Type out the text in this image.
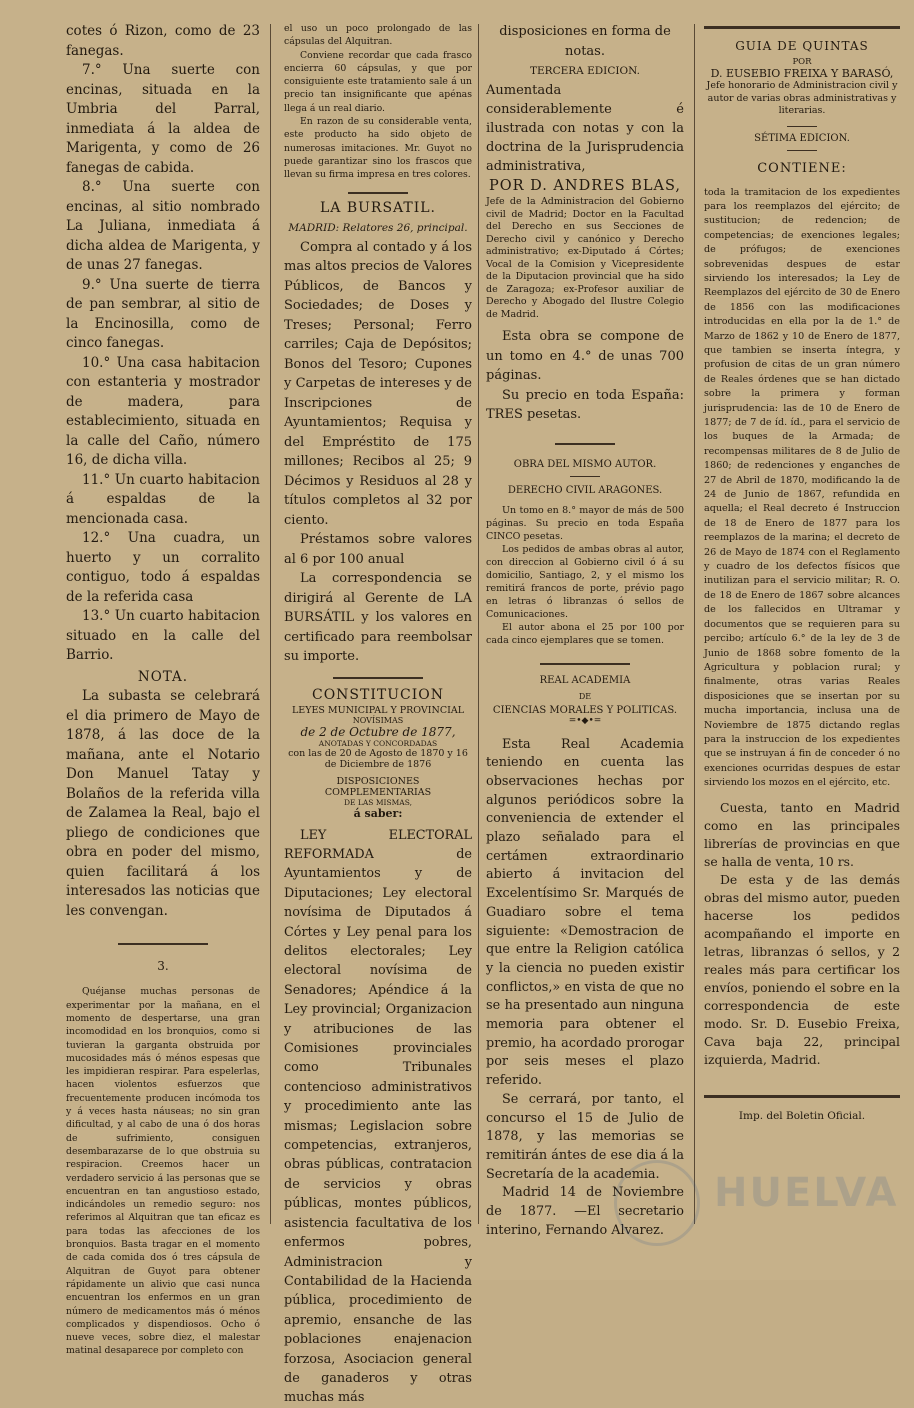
cotes ó Rizon, como de 23 fanegas.

7.° Una suerte con encinas, situada en la Umbria del Parral, inmediata á la aldea de Marigenta, y como de 26 fanegas de cabida.

8.° Una suerte con encinas, al sitio nombrado La Juliana, inmediata á dicha aldea de Marigenta, y de unas 27 fanegas.

9.° Una suerte de tierra de pan sembrar, al sitio de la Encinosilla, como de cinco fanegas.

10.° Una casa habitacion con estanteria y mostrador de madera, para establecimiento, situada en la calle del Caño, número 16, de dicha villa.

11.° Un cuarto habitacion á espaldas de la mencionada casa.

12.° Una cuadra, un huerto y un corralito contiguo, todo á espaldas de la referida casa

13.° Un cuarto habitacion situado en la calle del Barrio.

NOTA.

La subasta se celebrará el dia primero de Mayo de 1878, á las doce de la mañana, ante el Notario Don Manuel Tatay y Bolaños de la referida villa de Zalamea la Real, bajo el pliego de condiciones que obra en poder del mismo, quien facilitará á los interesados las noticias que les convengan.

3.

Quéjanse muchas personas de experimentar por la mañana, en el momento de despertarse, una gran incomodidad en los bronquios, como si tuvieran la garganta obstruida por mucosidades más ó ménos espesas que les impidieran respirar. Para espelerlas, hacen violentos esfuerzos que frecuentemente producen incómoda tos y á veces hasta náuseas; no sin gran dificultad, y al cabo de una ó dos horas de sufrimiento, consiguen desembarazarse de lo que obstruia su respiracion. Creemos hacer un verdadero servicio á las personas que se encuentran en tan angustioso estado, indicándoles un remedio seguro: nos referimos al Alquitran que tan eficaz es para todas las afecciones de los bronquios. Basta tragar en el momento de cada comida dos ó tres cápsula de Alquitran de Guyot para obtener rápidamente un alivio que casi nunca encuentran los enfermos en un gran número de medicamentos más ó ménos complicados y dispendiosos. Ocho ó nueve veces, sobre diez, el malestar matinal desaparece por completo con

el uso un poco prolongado de las cápsulas del Alquitran.

Conviene recordar que cada frasco encierra 60 cápsulas, y que por consiguiente este tratamiento sale á un precio tan insignificante que apénas llega á un real diario.

En razon de su considerable venta, este producto ha sido objeto de numerosas imitaciones. Mr. Guyot no puede garantizar sino los frascos que llevan su firma impresa en tres colores.

LA BURSATIL.

MADRID: Relatores 26, principal.

Compra al contado y á los mas altos precios de Valores Públicos, de Bancos y Sociedades; de Doses y Treses; Personal; Ferro carriles; Caja de Depósitos; Bonos del Tesoro; Cupones y Carpetas de intereses y de Inscripciones de Ayuntamientos; Requisa y del Empréstito de 175 millones; Recibos al 25; 9 Décimos y Residuos al 28 y títulos completos al 32 por ciento.

Préstamos sobre valores al 6 por 100 anual

La correspondencia se dirigirá al Gerente de LA BURSÁTIL y los valores en certificado para reembolsar su importe.

CONSTITUCION

LEYES MUNICIPAL Y PROVINCIAL

NOVÍSIMAS

de 2 de Octubre de 1877,

ANOTADAS Y CONCORDADAS

con las de 20 de Agosto de 1870 y 16 de Diciembre de 1876

DISPOSICIONES COMPLEMENTARIAS

DE LAS MISMAS,

á saber:

LEY ELECTORAL REFORMADA de Ayuntamientos y de Diputaciones; Ley electoral novísima de Diputados á Córtes y Ley penal para los delitos electorales; Ley electoral novísima de Senadores; Apéndice á la Ley provincial; Organizacion y atribuciones de las Comisiones provinciales como Tribunales contencioso administrativos y procedimiento ante las mismas; Legislacion sobre competencias, extranjeros, obras públicas, contratacion de servicios y obras públicas, montes públicos, asistencia facultativa de los enfermos pobres, Administracion y Contabilidad de la Hacienda pública, procedimiento de apremio, ensanche de las poblaciones enajenacion forzosa, Asociacion general de ganaderos y otras muchas más

disposiciones en forma de notas.

TERCERA EDICION.

Aumentada considerablemente é ilustrada con notas y con la doctrina de la Jurisprudencia administrativa,

POR D. ANDRES BLAS,

Jefe de la Administracion del Gobierno civil de Madrid; Doctor en la Facultad del Derecho en sus Secciones de Derecho civil y canónico y Derecho administrativo; ex-Diputado á Córtes; Vocal de la Comision y Vicepresidente de la Diputacion provincial que ha sido de Zaragoza; ex-Profesor auxiliar de Derecho y Abogado del Ilustre Colegio de Madrid.

Esta obra se compone de un tomo en 4.° de unas 700 páginas.

Su precio en toda España: TRES pesetas.

OBRA DEL MISMO AUTOR.

DERECHO CIVIL ARAGONES.

Un tomo en 8.° mayor de más de 500 páginas. Su precio en toda España CINCO pesetas.

Los pedidos de ambas obras al autor, con direccion al Gobierno civil ó á su domicilio, Santiago, 2, y el mismo los remitirá francos de porte, prévio pago en letras ó libranzas ó sellos de Comunicaciones.

El autor abona el 25 por 100 por cada cinco ejemplares que se tomen.

REAL ACADEMIA

DE

CIENCIAS MORALES Y POLITICAS.

=•◆•=

Esta Real Academia teniendo en cuenta las observaciones hechas por algunos periódicos sobre la conveniencia de extender el plazo señalado para el certámen extraordinario abierto á invitacion del Excelentísimo Sr. Marqués de Guadiaro sobre el tema siguiente: «Demostracion de que entre la Religion católica y la ciencia no pueden existir conflictos,» en vista de que no se ha presentado aun ninguna memoria para obtener el premio, ha acordado prorogar por seis meses el plazo referido.

Se cerrará, por tanto, el concurso el 15 de Julio de 1878, y las memorias se remitirán ántes de ese dia á la Secretaría de la academia.

Madrid 14 de Noviembre de 1877. —El secretario interino, Fernando Alvarez.

GUIA DE QUINTAS

POR

D. EUSEBIO FREIXA Y BARASÓ,

Jefe honorario de Administracion civil y autor de varias obras administrativas y literarias.

SÉTIMA EDICION.

CONTIENE:

toda la tramitacion de los expedientes para los reemplazos del ejército; de sustitucion; de redencion; de competencias; de exenciones legales; de prófugos; de exenciones sobrevenidas despues de estar sirviendo los interesados; la Ley de Reemplazos del ejército de 30 de Enero de 1856 con las modificaciones introducidas en ella por la de 1.° de Marzo de 1862 y 10 de Enero de 1877, que tambien se inserta íntegra, y profusion de citas de un gran número de Reales órdenes que se han dictado sobre la primera y forman jurisprudencia: las de 10 de Enero de 1877; de 7 de íd. íd., para el servicio de los buques de la Armada; de recompensas militares de 8 de Julio de 1860; de redenciones y enganches de 27 de Abril de 1870, modificando la de 24 de Junio de 1867, refundida en aquella; el Real decreto é Instruccion de 18 de Enero de 1877 para los reemplazos de la marina; el decreto de 26 de Mayo de 1874 con el Reglamento y cuadro de los defectos físicos que inutilizan para el servicio militar; R. O. de 18 de Enero de 1867 sobre alcances de los fallecidos en Ultramar y documentos que se requieren para su percibo; artículo 6.° de la ley de 3 de Junio de 1868 sobre fomento de la Agricultura y poblacion rural; y finalmente, otras varias Reales disposiciones que se insertan por su mucha importancia, inclusa una de Noviembre de 1875 dictando reglas para la instruccion de los expedientes que se instruyan á fin de conceder ó no exenciones ocurridas despues de estar sirviendo los mozos en el ejército, etc.

Cuesta, tanto en Madrid como en las principales librerías de provincias en que se halla de venta, 10 rs.

De esta y de las demás obras del mismo autor, pueden hacerse los pedidos acompañando el importe en letras, libranzas ó sellos, y 2 reales más para certificar los envíos, poniendo el sobre en la correspondencia de este modo. Sr. D. Eusebio Freixa, Cava baja 22, principal izquierda, Madrid.

Imp. del Boletin Oficial.

HUELVA
